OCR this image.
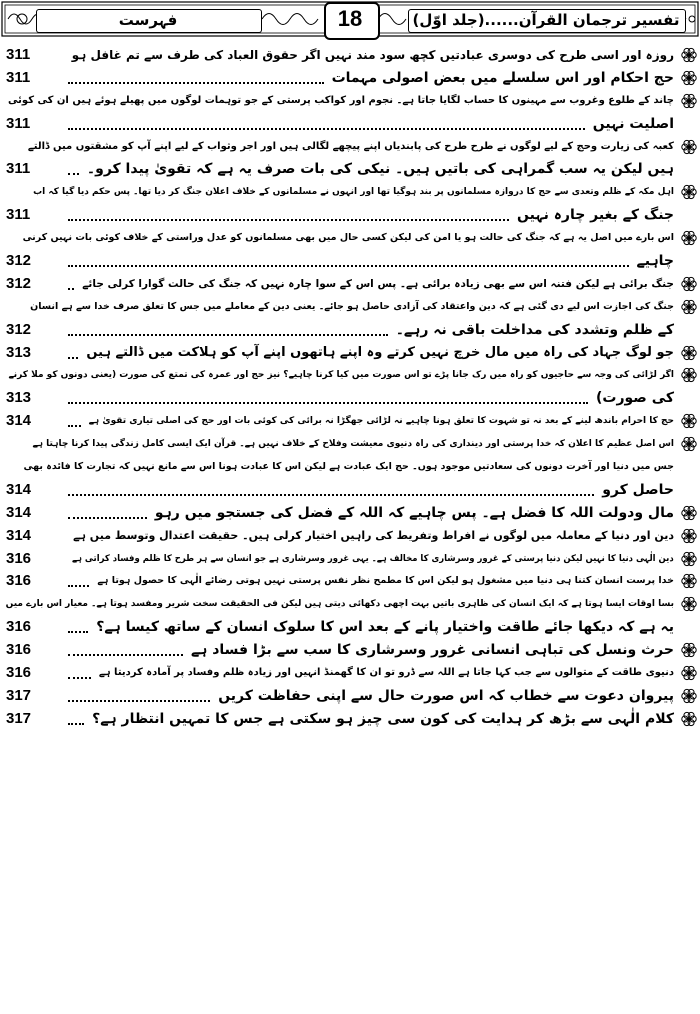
فہرست	تفسیر ترجمان القرآن......(جلد اوّل)
18
روزہ اور اسی طرح کی دوسری عبادتیں کچھ سود مند نہیں اگر حقوق العباد کی طرف سے تم غافل ہو
311
حج احکام اور اس سلسلے میں بعض اصولی مہمات
311
چاند کے طلوع وغروب سے مہینوں کا حساب لگایا جاتا ہے۔ نجوم اور کواکب پرستی کے جو توہمات لوگوں میں پھیلے ہوئے ہیں ان کی کوئی
اصلیت نہیں
311
کعبہ کی زیارت وحج کے لیے لوگوں نے طرح طرح کی پابندیاں اپنے پیچھے لگالی ہیں اور اجر وثواب کے لیے اپنے آپ کو مشقتوں میں ڈالتے
ہیں لیکن یہ سب گمراہی کی باتیں ہیں۔ نیکی کی بات صرف یہ ہے کہ تقویٰ پیدا کرو۔
311
اہل مکہ کے ظلم وتعدی سے حج کا دروازہ مسلمانوں پر بند ہوگیا تھا اور انہوں نے مسلمانوں کے خلاف اعلان جنگ کر دیا تھا۔ پس حکم دیا گیا کہ اب
جنگ کے بغیر چارہ نہیں
311
اس بارے میں اصل یہ ہے کہ جنگ کی حالت ہو یا امن کی لیکن کسی حال میں بھی مسلمانوں کو عدل وراستی کے خلاف کوئی بات نہیں کرنی
چاہیے
312
جنگ برائی ہے لیکن فتنہ اس سے بھی زیادہ برائی ہے۔ پس اس کے سوا چارہ نہیں کہ جنگ کی حالت گوارا کرلی جائے
312
جنگ کی اجازت اس لیے دی گئی ہے کہ دین واعتقاد کی آزادی حاصل ہو جائے۔ یعنی دین کے معاملے میں جس کا تعلق صرف خدا سے ہے انسان
کے ظلم وتشدد کی مداخلت باقی نہ رہے۔
312
جو لوگ جہاد کی راہ میں مال خرچ نہیں کرتے وہ اپنے ہاتھوں اپنے آپ کو ہلاکت میں ڈالتے ہیں
313
اگر لڑائی کی وجہ سے حاجیوں کو راہ میں رک جانا پڑے تو اس صورت میں کیا کرنا چاہیے؟ نیز حج اور عمرہ کی تمتع کی صورت (یعنی دونوں کو ملا کرنے
کی صورت)
313
حج کا احرام باندھ لینے کے بعد نہ تو شہوت کا تعلق ہونا چاہیے نہ لڑائی جھگڑا نہ برائی کی کوئی بات اور حج کی اصلی تیاری تقویٰ ہے
314
اس اصل عظیم کا اعلان کہ خدا پرستی اور دینداری کی راہ دنیوی معیشت وفلاح کے خلاف نہیں ہے۔ قرآن ایک ایسی کامل زندگی پیدا کرنا چاہتا ہے
جس میں دنیا اور آخرت دونوں کی سعادتیں موجود ہوں۔ حج ایک عبادت ہے لیکن اس کا عبادت ہونا اس سے مانع نہیں کہ تجارت کا فائدہ بھی
حاصل کرو
314
مال ودولت اللہ کا فضل ہے۔ پس چاہیے کہ اللہ کے فضل کی جستجو میں رہو
314
دین اور دنیا کے معاملہ میں لوگوں نے افراط وتفریط کی راہیں اختیار کرلی ہیں۔ حقیقت اعتدال وتوسط میں ہے
314
دین الٰہی دنیا کا نہیں لیکن دنیا پرستی کے غرور وسرشاری کا مخالف ہے۔ یہی غرور وسرشاری ہے جو انسان سے ہر طرح کا ظلم وفساد کراتی ہے
316
خدا پرست انسان کتنا ہی دنیا میں مشغول ہو لیکن اس کا مطمح نظر نفس پرستی نہیں ہوتی رضائے الٰہی کا حصول ہوتا ہے
316
بسا اوقات ایسا ہوتا ہے کہ ایک انسان کی ظاہری باتیں بہت اچھی دکھائی دیتی ہیں لیکن فی الحقیقت سخت شریر ومفسد ہوتا ہے۔ معیار اس بارے میں
یہ ہے کہ دیکھا جائے طاقت واختیار پانے کے بعد اس کا سلوک انسان کے ساتھ کیسا ہے؟
316
حرث ونسل کی تباہی انسانی غرور وسرشاری کا سب سے بڑا فساد ہے
316
دنیوی طاقت کے متوالوں سے جب کہا جاتا ہے اللہ سے ڈرو تو ان کا گھمنڈ انہیں اور زیادہ ظلم وفساد پر آمادہ کردیتا ہے
316
پیروان دعوت سے خطاب کہ اس صورت حال سے اپنی حفاظت کریں
317
کلام الٰہی سے بڑھ کر ہدایت کی کون سی چیز ہو سکتی ہے جس کا تمہیں انتظار ہے؟
317
